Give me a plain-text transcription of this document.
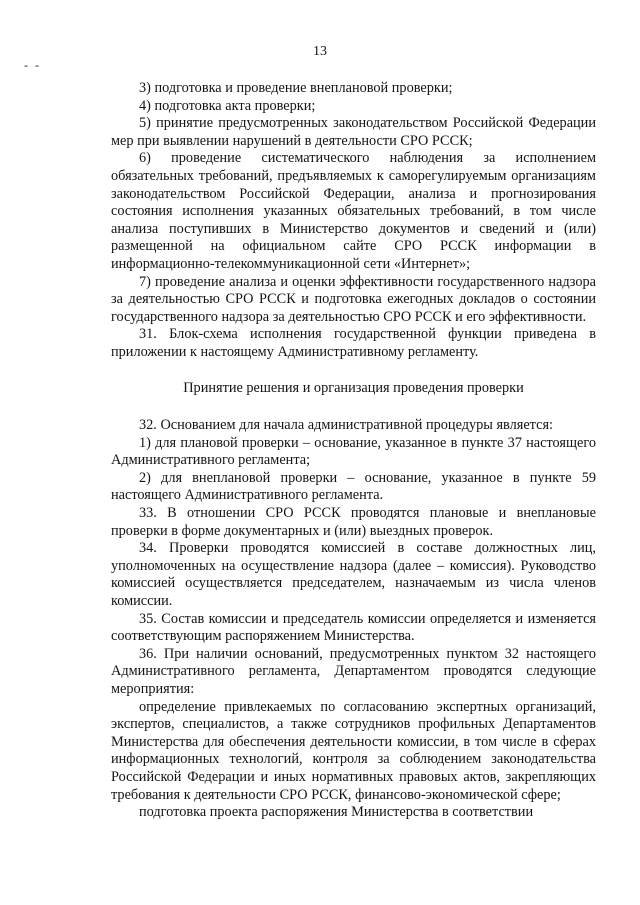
13
- -

3) подготовка и проведение внеплановой проверки;

4) подготовка акта проверки;

5) принятие предусмотренных законодательством Российской Федерации мер при выявлении нарушений в деятельности СРО РССК;

6) проведение систематического наблюдения за исполнением обязательных требований, предъявляемых к саморегулируемым организациям законодательством Российской Федерации, анализа и прогнозирования состояния исполнения указанных обязательных требований, в том числе анализа поступивших в Министерство документов и сведений и (или) размещенной на официальном сайте СРО РССК информации в информационно-телекоммуникационной сети «Интернет»;

7) проведение анализа и оценки эффективности государственного надзора за деятельностью СРО РССК и подготовка ежегодных докладов о состоянии государственного надзора за деятельностью СРО РССК и его эффективности.

31. Блок-схема исполнения государственной функции приведена в приложении к настоящему Административному регламенту.

Принятие решения и организация проведения проверки

32. Основанием для начала административной процедуры является:

1) для плановой проверки – основание, указанное в пункте 37 настоящего Административного регламента;

2) для внеплановой проверки – основание, указанное в пункте 59 настоящего Административного регламента.

33. В отношении СРО РССК проводятся плановые и внеплановые проверки в форме документарных и (или) выездных проверок.

34. Проверки проводятся комиссией в составе должностных лиц, уполномоченных на осуществление надзора (далее – комиссия). Руководство комиссией осуществляется председателем, назначаемым из числа членов комиссии.

35. Состав комиссии и председатель комиссии определяется и изменяется соответствующим распоряжением Министерства.

36. При наличии оснований, предусмотренных пунктом 32 настоящего Административного регламента, Департаментом проводятся следующие мероприятия:

определение привлекаемых по согласованию экспертных организаций, экспертов, специалистов, а также сотрудников профильных Департаментов Министерства для обеспечения деятельности комиссии, в том числе в сферах информационных технологий, контроля за соблюдением законодательства Российской Федерации и иных нормативных правовых актов, закрепляющих требования к деятельности СРО РССК, финансово-экономической сфере;

подготовка проекта распоряжения Министерства в соответствии
